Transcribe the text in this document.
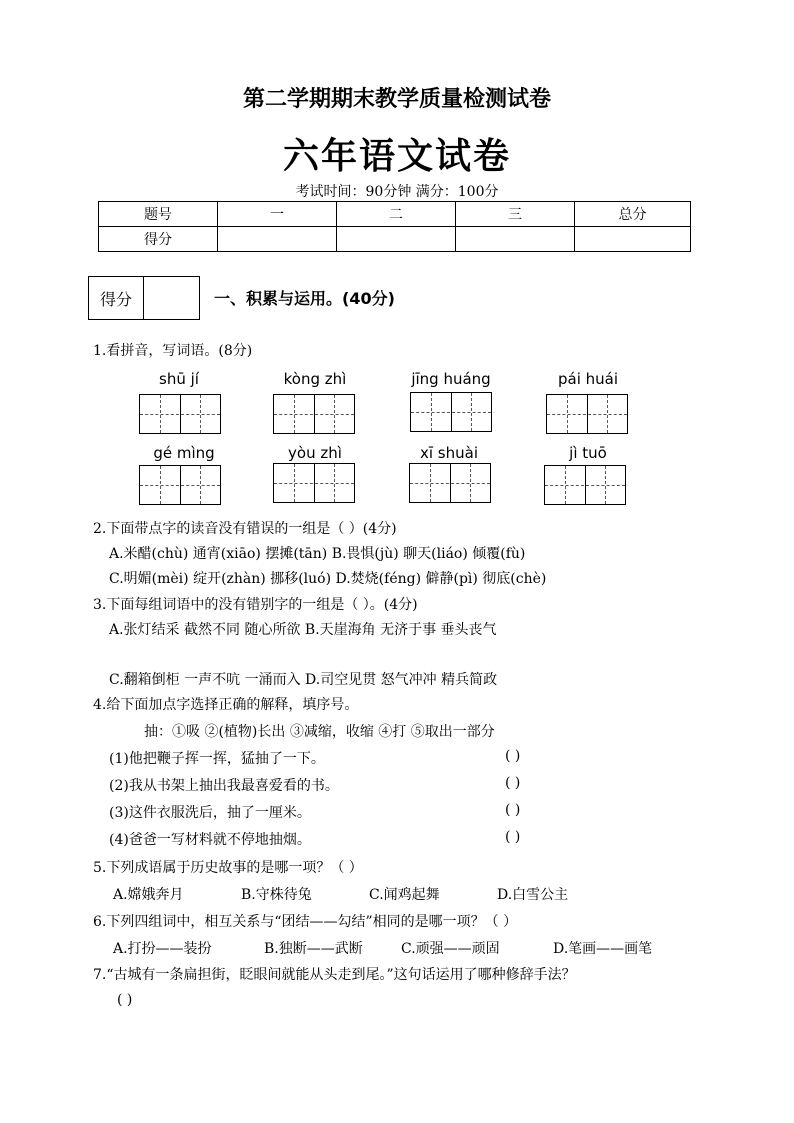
第二学期期末教学质量检测试卷
六年语文试卷
考试时间：90分钟 满分：100分
题号	一	二	三	总分
得分				
得分	一、积累与运用。(40分)
1.看拼音，写词语。(8分)
shū jí	kòng zhì	jīng huáng	pái huái
gé mìng	yòu zhì	xī shuài	jì tuō
2.下面带点字的读音没有错误的一组是（ ）(4分)
A.米醋(chù) 通宵(xiāo) 摆摊(tān) B.畏惧(jù) 聊天(liáo) 倾覆(fù)
C.明媚(mèi) 绽开(zhàn) 挪移(luó) D.焚烧(féng) 僻静(pì) 彻底(chè)
3.下面每组词语中的没有错别字的一组是（ ）。(4分)
A.张灯结采 截然不同 随心所欲 B.天崖海角 无济于事 垂头丧气
C.翻箱倒柜 一声不吭 一涌而入 D.司空见贯 怒气冲冲 精兵简政
4.给下面加点字选择正确的解释，填序号。
抽：①吸 ②(植物)长出 ③减缩，收缩 ④打 ⑤取出一部分
(1)他把鞭子挥一挥，猛抽了一下。	( )
(2)我从书架上抽出我最喜爱看的书。	( )
(3)这件衣服洗后，抽了一厘米。	( )
(4)爸爸一写材料就不停地抽烟。	( )
5.下列成语属于历史故事的是哪一项？（ ）
A.嫦娥奔月	B.守株待兔	C.闻鸡起舞	D.白雪公主
6.下列四组词中，相互关系与“团结——勾结”相同的是哪一项？（ ）
A.打扮——装扮	B.独断——武断	C.顽强——顽固	D.笔画——画笔
7.“古城有一条扁担街，眨眼间就能从头走到尾。”这句话运用了哪种修辞手法？
( )
